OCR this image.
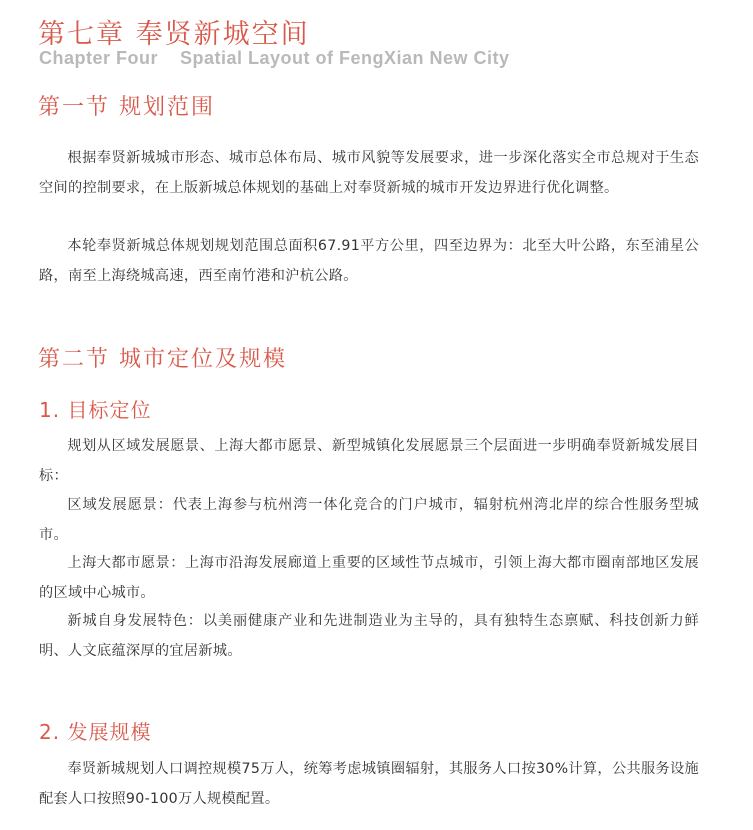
第七章 奉贤新城空间

Chapter Four    Spatial Layout of FengXian New City

第一节 规划范围

根据奉贤新城城市形态、城市总体布局、城市风貌等发展要求，进一步深化落实全市总规对于生态空间的控制要求，在上版新城总体规划的基础上对奉贤新城的城市开发边界进行优化调整。

本轮奉贤新城总体规划规划范围总面积67.91平方公里，四至边界为：北至大叶公路，东至浦星公路，南至上海绕城高速，西至南竹港和沪杭公路。

第二节 城市定位及规模
1. 目标定位

规划从区域发展愿景、上海大都市愿景、新型城镇化发展愿景三个层面进一步明确奉贤新城发展目标：

区域发展愿景：代表上海参与杭州湾一体化竞合的门户城市，辐射杭州湾北岸的综合性服务型城市。

上海大都市愿景：上海市沿海发展廊道上重要的区域性节点城市，引领上海大都市圈南部地区发展的区域中心城市。

新城自身发展特色：以美丽健康产业和先进制造业为主导的，具有独特生态禀赋、科技创新力鲜明、人文底蕴深厚的宜居新城。

2. 发展规模

奉贤新城规划人口调控规模75万人，统筹考虑城镇圈辐射，其服务人口按30%计算，公共服务设施配套人口按照90-100万人规模配置。
